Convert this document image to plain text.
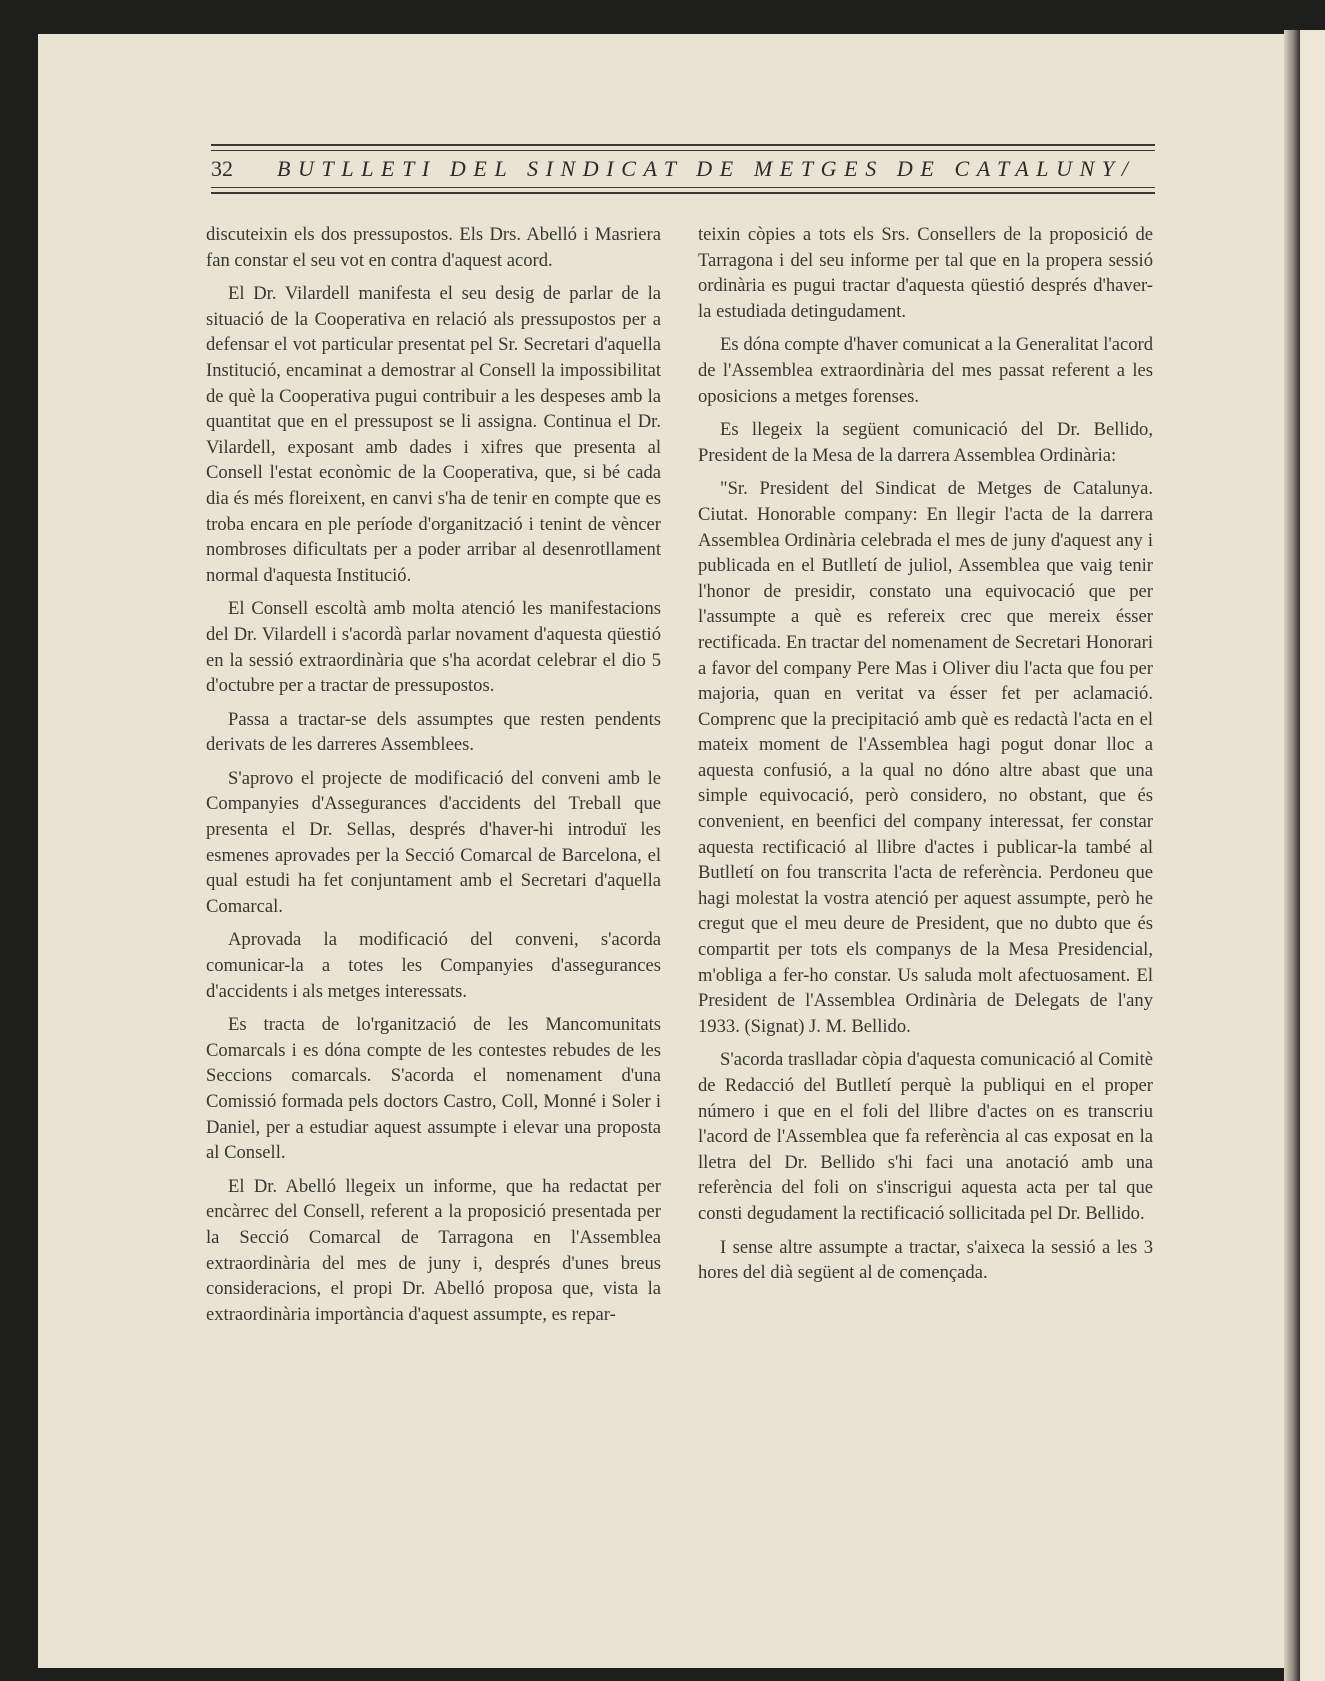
32 BUTLLETI DEL SINDICAT DE METGES DE CATALUNY/

discuteixin els dos pressupostos. Els Drs. Abelló i Masriera fan constar el seu vot en contra d'aquest acord.

El Dr. Vilardell manifesta el seu desig de parlar de la situació de la Cooperativa en relació als pressupostos per a defensar el vot particular presentat pel Sr. Secretari d'aquella Institució, encaminat a demostrar al Consell la impossibilitat de què la Cooperativa pugui contribuir a les despeses amb la quantitat que en el pressupost se li assigna. Continua el Dr. Vilardell, exposant amb dades i xifres que presenta al Consell l'estat econòmic de la Cooperativa, que, si bé cada dia és més floreixent, en canvi s'ha de tenir en compte que es troba encara en ple període d'organització i tenint de vèncer nombroses dificultats per a poder arribar al desenrotllament normal d'aquesta Institució.

El Consell escoltà amb molta atenció les manifestacions del Dr. Vilardell i s'acordà parlar novament d'aquesta qüestió en la sessió extraordinària que s'ha acordat celebrar el dio 5 d'octubre per a tractar de pressupostos.

Passa a tractar-se dels assumptes que resten pendents derivats de les darreres Assemblees.

S'aprovo el projecte de modificació del conveni amb le Companyies d'Assegurances d'accidents del Treball que presenta el Dr. Sellas, després d'haver-hi introduï les esmenes aprovades per la Secció Comarcal de Barcelona, el qual estudi ha fet conjuntament amb el Secretari d'aquella Comarcal.

Aprovada la modificació del conveni, s'acorda comunicar-la a totes les Companyies d'assegurances d'accidents i als metges interessats.

Es tracta de lo'rganització de les Mancomunitats Comarcals i es dóna compte de les contestes rebudes de les Seccions comarcals. S'acorda el nomenament d'una Comissió formada pels doctors Castro, Coll, Monné i Soler i Daniel, per a estudiar aquest assumpte i elevar una proposta al Consell.

El Dr. Abelló llegeix un informe, que ha redactat per encàrrec del Consell, referent a la proposició presentada per la Secció Comarcal de Tarragona en l'Assemblea extraordinària del mes de juny i, després d'unes breus consideracions, el propi Dr. Abelló proposa que, vista la extraordinària importància d'aquest assumpte, es repar-

teixin còpies a tots els Srs. Consellers de la proposició de Tarragona i del seu informe per tal que en la propera sessió ordinària es pugui tractar d'aquesta qüestió després d'haver-la estudiada detingudament.

Es dóna compte d'haver comunicat a la Generalitat l'acord de l'Assemblea extraordinària del mes passat referent a les oposicions a metges forenses.

Es llegeix la següent comunicació del Dr. Bellido, President de la Mesa de la darrera Assemblea Ordinària:

"Sr. President del Sindicat de Metges de Catalunya. Ciutat. Honorable company: En llegir l'acta de la darrera Assemblea Ordinària celebrada el mes de juny d'aquest any i publicada en el Butlletí de juliol, Assemblea que vaig tenir l'honor de presidir, constato una equivocació que per l'assumpte a què es refereix crec que mereix ésser rectificada. En tractar del nomenament de Secretari Honorari a favor del company Pere Mas i Oliver diu l'acta que fou per majoria, quan en veritat va ésser fet per aclamació. Comprenc que la precipitació amb què es redactà l'acta en el mateix moment de l'Assemblea hagi pogut donar lloc a aquesta confusió, a la qual no dóno altre abast que una simple equivocació, però considero, no obstant, que és convenient, en beenfici del company interessat, fer constar aquesta rectificació al llibre d'actes i publicar-la també al Butlletí on fou transcrita l'acta de referència. Perdoneu que hagi molestat la vostra atenció per aquest assumpte, però he cregut que el meu deure de President, que no dubto que és compartit per tots els companys de la Mesa Presidencial, m'obliga a fer-ho constar. Us saluda molt afectuosament. El President de l'Assemblea Ordinària de Delegats de l'any 1933. (Signat) J. M. Bellido.

S'acorda traslladar còpia d'aquesta comunicació al Comitè de Redacció del Butlletí perquè la publiqui en el proper número i que en el foli del llibre d'actes on es transcriu l'acord de l'Assemblea que fa referència al cas exposat en la lletra del Dr. Bellido s'hi faci una anotació amb una referència del foli on s'inscrigui aquesta acta per tal que consti degudament la rectificació sollicitada pel Dr. Bellido.

I sense altre assumpte a tractar, s'aixeca la sessió a les 3 hores del dià següent al de començada.
